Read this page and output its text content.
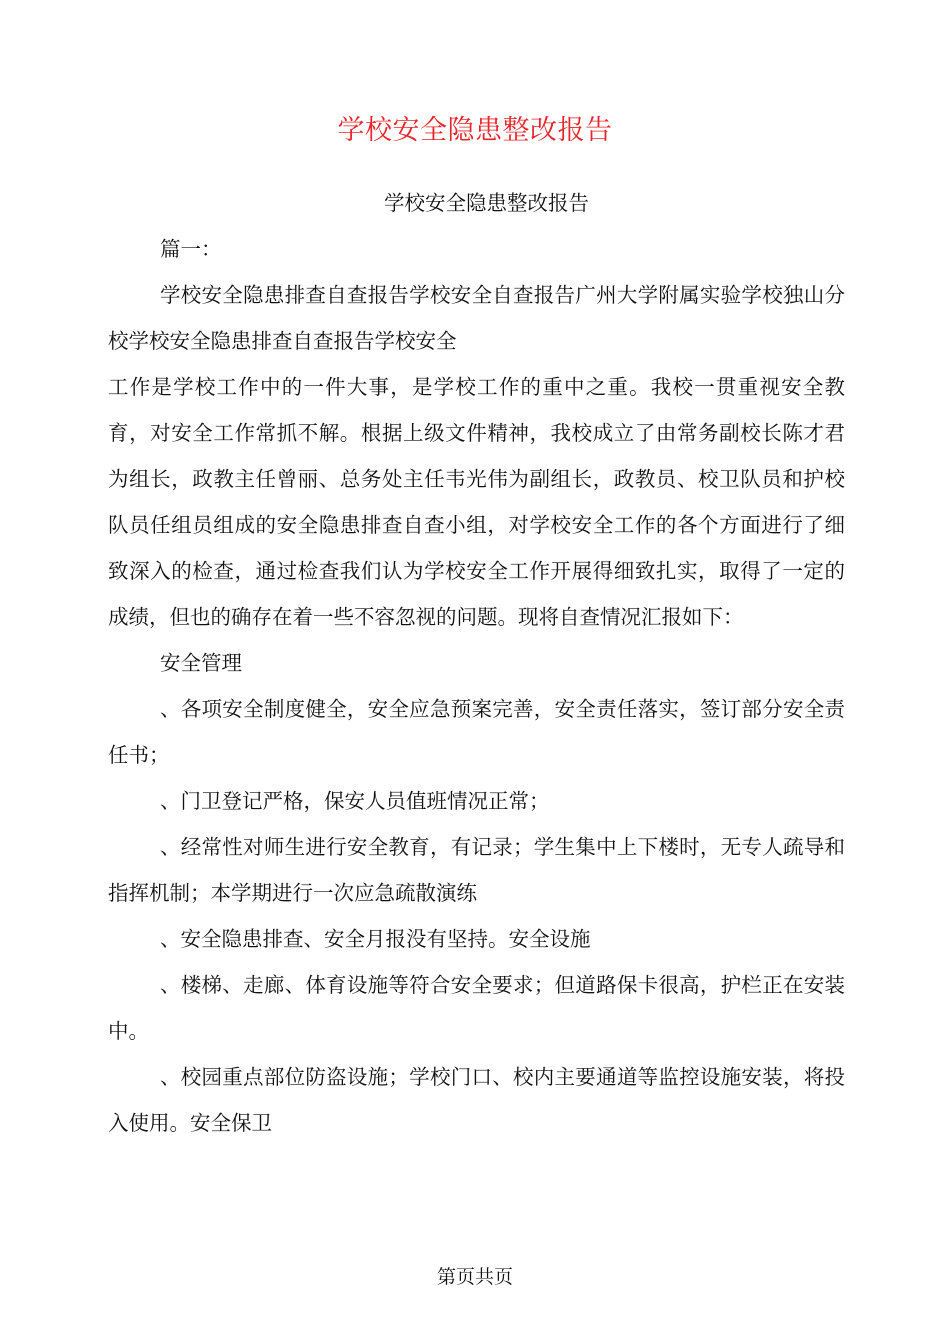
学校安全隐患整改报告

学校安全隐患整改报告

篇一：

学校安全隐患排查自查报告学校安全自查报告广州大学附属实验学校独山分校学校安全隐患排查自查报告学校安全

工作是学校工作中的一件大事，是学校工作的重中之重。我校一贯重视安全教育，对安全工作常抓不解。根据上级文件精神，我校成立了由常务副校长陈才君为组长，政教主任曾丽、总务处主任韦光伟为副组长，政教员、校卫队员和护校队员任组员组成的安全隐患排查自查小组，对学校安全工作的各个方面进行了细致深入的检查，通过检查我们认为学校安全工作开展得细致扎实，取得了一定的成绩，但也的确存在着一些不容忽视的问题。现将自查情况汇报如下：

安全管理

、各项安全制度健全，安全应急预案完善，安全责任落实，签订部分安全责任书；

、门卫登记严格，保安人员值班情况正常；

、经常性对师生进行安全教育，有记录；学生集中上下楼时，无专人疏导和指挥机制；本学期进行一次应急疏散演练

、安全隐患排查、安全月报没有坚持。安全设施

、楼梯、走廊、体育设施等符合安全要求；但道路保卡很高，护栏正在安装中。

、校园重点部位防盗设施；学校门口、校内主要通道等监控设施安装，将投入使用。安全保卫

第页共页
